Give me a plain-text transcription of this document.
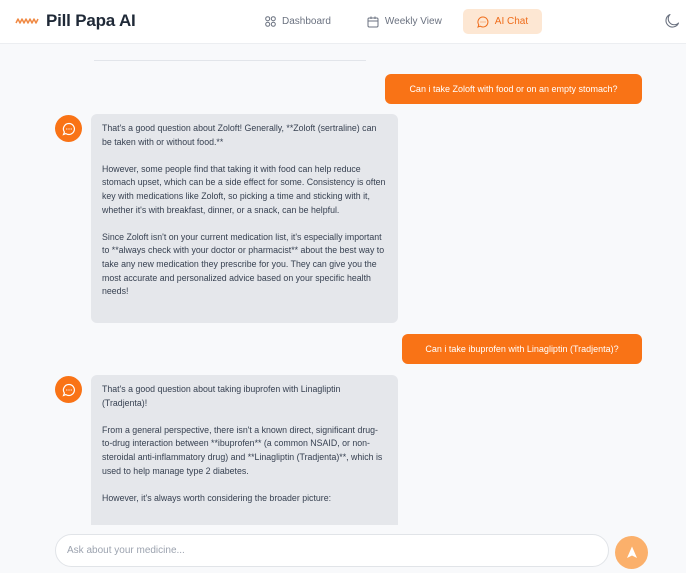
Pill Papa AI	Dashboard	Weekly View	AI Chat
Can i take Zoloft with food or on an empty stomach?

That's a good question about Zoloft! Generally, **Zoloft (sertraline) can be taken with or without food.**

However, some people find that taking it with food can help reduce stomach upset, which can be a side effect for some. Consistency is often key with medications like Zoloft, so picking a time and sticking with it, whether it's with breakfast, dinner, or a snack, can be helpful.

Since Zoloft isn't on your current medication list, it's especially important to **always check with your doctor or pharmacist** about the best way to take any new medication they prescribe for you. They can give you the most accurate and personalized advice based on your specific health needs!

Can i take ibuprofen with Linagliptin (Tradjenta)?

That's a good question about taking ibuprofen with Linagliptin (Tradjenta)!

From a general perspective, there isn't a known direct, significant drug-to-drug interaction between **ibuprofen** (a common NSAID, or non-steroidal anti-inflammatory drug) and **Linagliptin (Tradjenta)**, which is used to help manage type 2 diabetes.

However, it's always worth considering the broader picture:

Ask about your medicine...
